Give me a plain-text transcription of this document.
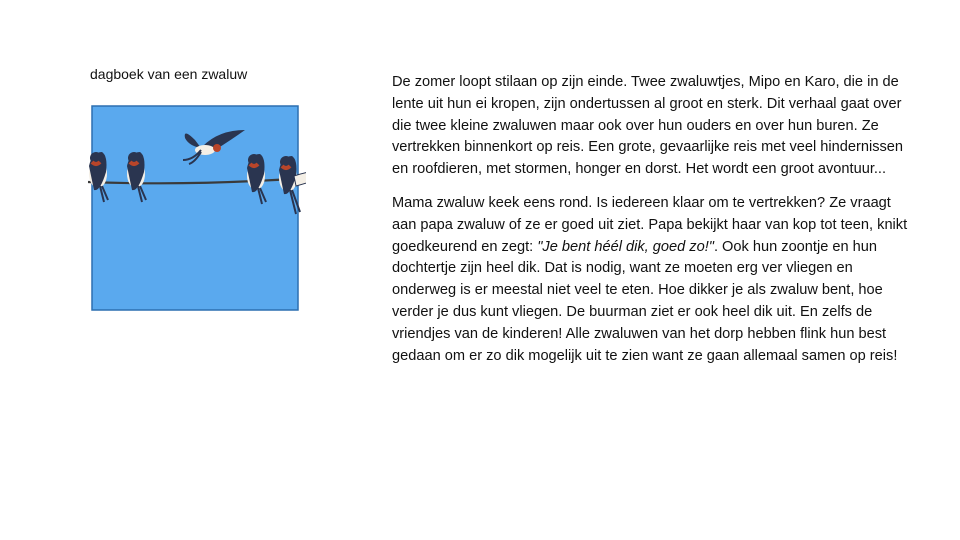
dagboek van een zwaluw	De zomer loopt stilaan op zijn einde. Twee zwaluwtjes, Mipo en Karo, die in de lente uit hun ei kropen, zijn ondertussen al groot en sterk. Dit verhaal gaat over die twee kleine zwaluwen maar ook over hun ouders en over hun buren. Ze vertrekken binnenkort op reis. Een grote, gevaarlijke reis met veel hindernissen en roofdieren, met stormen, honger en dorst. Het wordt een groot avontuur...

Mama zwaluw keek eens rond. Is iedereen klaar om te vertrekken? Ze vraagt aan papa zwaluw of ze er goed uit ziet. Papa bekijkt haar van kop tot teen, knikt goedkeurend en zegt: "Je bent héél dik, goed zo!". Ook hun zoontje en hun dochtertje zijn heel dik. Dat is nodig, want ze moeten erg ver vliegen en onderweg is er meestal niet veel te eten. Hoe dikker je als zwaluw bent, hoe verder je dus kunt vliegen. De buurman ziet er ook heel dik uit. En zelfs de vriendjes van de kinderen! Alle zwaluwen van het dorp hebben flink hun best gedaan om er zo dik mogelijk uit te zien want ze gaan allemaal samen op reis!
